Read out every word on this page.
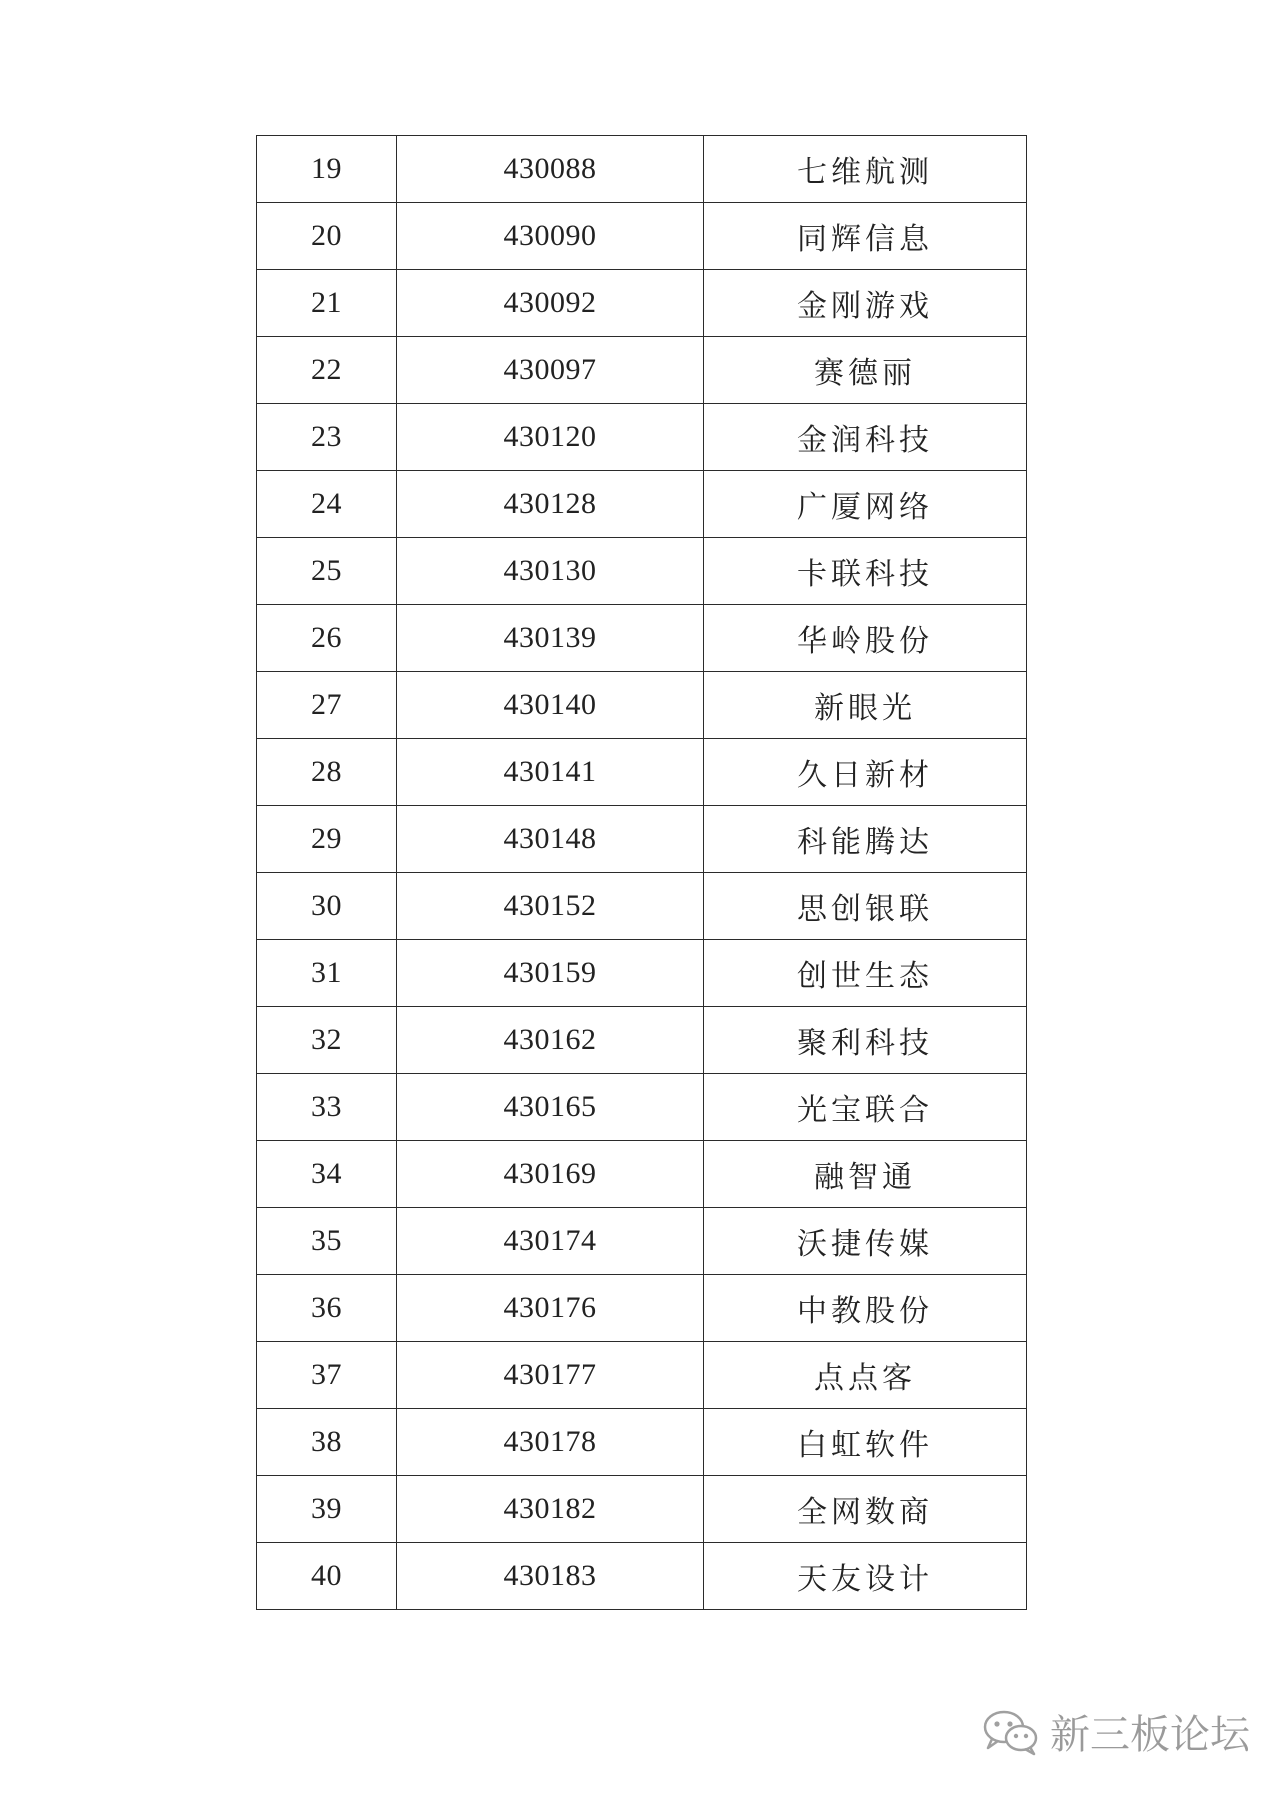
19	430088	七维航测
20	430090	同辉信息
21	430092	金刚游戏
22	430097	赛德丽
23	430120	金润科技
24	430128	广厦网络
25	430130	卡联科技
26	430139	华岭股份
27	430140	新眼光
28	430141	久日新材
29	430148	科能腾达
30	430152	思创银联
31	430159	创世生态
32	430162	聚利科技
33	430165	光宝联合
34	430169	融智通
35	430174	沃捷传媒
36	430176	中教股份
37	430177	点点客
38	430178	白虹软件
39	430182	全网数商
40	430183	天友设计
新三板论坛
